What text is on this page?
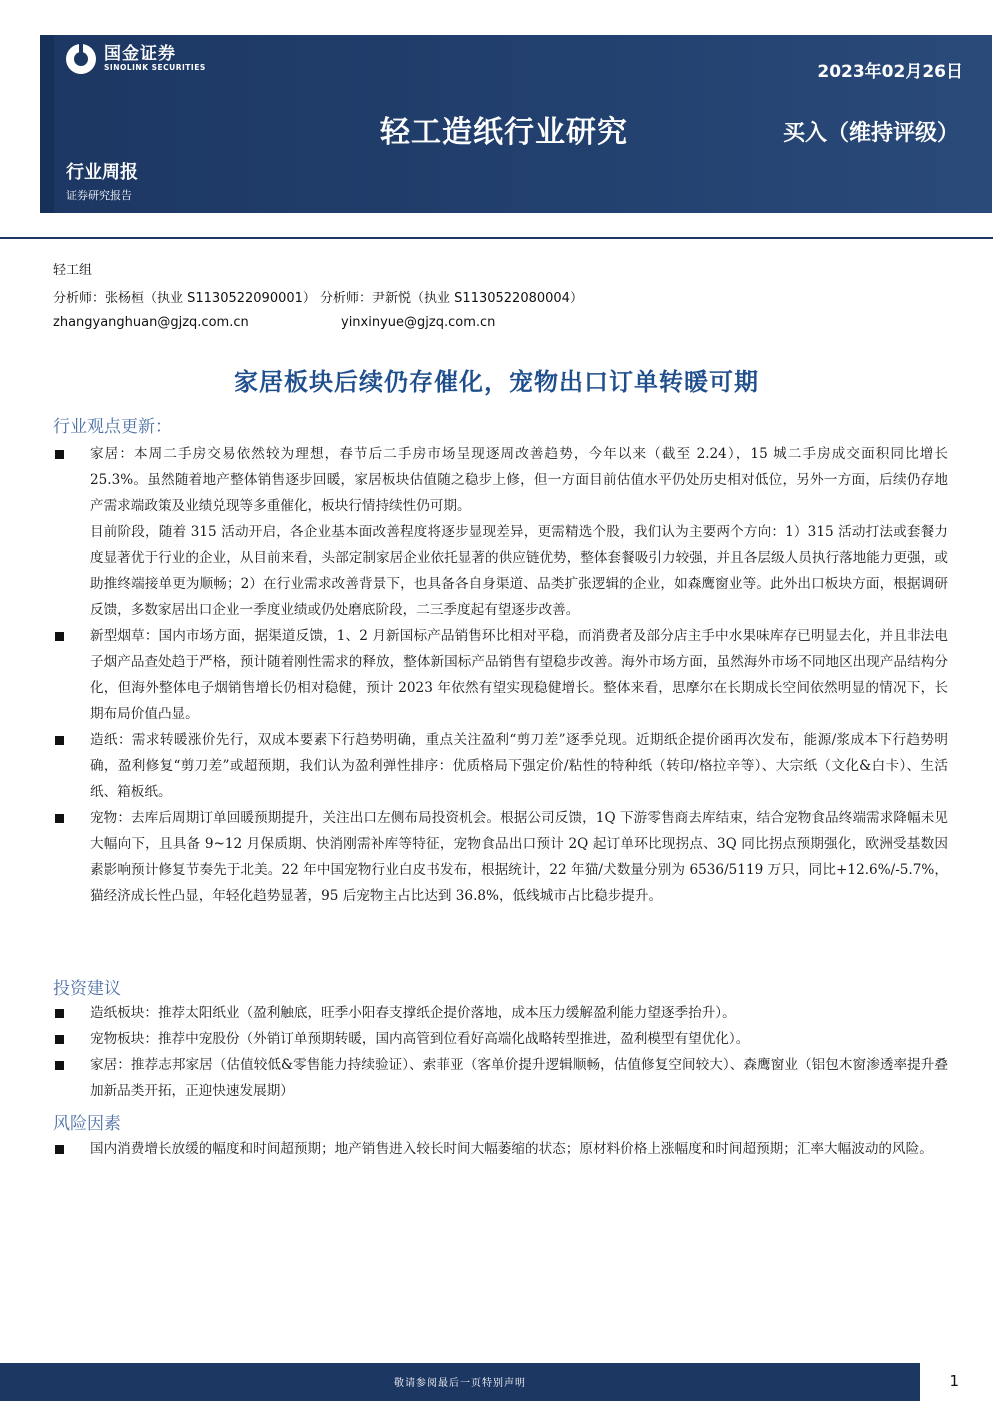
国金证券
SINOLINK SECURITIES	2023年02月26日
轻工造纸行业研究	买入（维持评级）
行业周报
证券研究报告
轻工组
分析师：张杨桓（执业 S1130522090001） 分析师：尹新悦（执业 S1130522080004）
zhangyanghuan@gjzq.com.cn	yinxinyue@gjzq.com.cn
家居板块后续仍存催化，宠物出口订单转暖可期
行业观点更新：

家居：本周二手房交易依然较为理想，春节后二手房市场呈现逐周改善趋势，今年以来（截至 2.24），15 城二手房成交面积同比增长 25.3%。虽然随着地产整体销售逐步回暖，家居板块估值随之稳步上修，但一方面目前估值水平仍处历史相对低位，另外一方面，后续仍存地产需求端政策及业绩兑现等多重催化，板块行情持续性仍可期。

目前阶段，随着 315 活动开启，各企业基本面改善程度将逐步显现差异，更需精选个股，我们认为主要两个方向：1）315 活动打法或套餐力度显著优于行业的企业，从目前来看，头部定制家居企业依托显著的供应链优势，整体套餐吸引力较强，并且各层级人员执行落地能力更强，或助推终端接单更为顺畅；2）在行业需求改善背景下，也具备各自身渠道、品类扩张逻辑的企业，如森鹰窗业等。此外出口板块方面，根据调研反馈，多数家居出口企业一季度业绩或仍处磨底阶段，二三季度起有望逐步改善。

新型烟草：国内市场方面，据渠道反馈，1、2 月新国标产品销售环比相对平稳，而消费者及部分店主手中水果味库存已明显去化，并且非法电子烟产品查处趋于严格，预计随着刚性需求的释放，整体新国标产品销售有望稳步改善。海外市场方面，虽然海外市场不同地区出现产品结构分化，但海外整体电子烟销售增长仍相对稳健，预计 2023 年依然有望实现稳健增长。整体来看，思摩尔在长期成长空间依然明显的情况下，长期布局价值凸显。

造纸：需求转暖涨价先行，双成本要素下行趋势明确，重点关注盈利“剪刀差”逐季兑现。近期纸企提价函再次发布，能源/浆成本下行趋势明确，盈利修复“剪刀差”或超预期，我们认为盈利弹性排序：优质格局下强定价/粘性的特种纸（转印/格拉辛等）、大宗纸（文化&白卡）、生活纸、箱板纸。

宠物：去库后周期订单回暖预期提升，关注出口左侧布局投资机会。根据公司反馈，1Q 下游零售商去库结束，结合宠物食品终端需求降幅未见大幅向下，且具备 9~12 月保质期、快消刚需补库等特征，宠物食品出口预计 2Q 起订单环比现拐点、3Q 同比拐点预期强化，欧洲受基数因素影响预计修复节奏先于北美。22 年中国宠物行业白皮书发布，根据统计，22 年猫/犬数量分别为 6536/5119 万只，同比+12.6%/-5.7%，猫经济成长性凸显，年轻化趋势显著，95 后宠物主占比达到 36.8%，低线城市占比稳步提升。

投资建议

造纸板块：推荐太阳纸业（盈利触底，旺季小阳春支撑纸企提价落地，成本压力缓解盈利能力望逐季抬升）。

宠物板块：推荐中宠股份（外销订单预期转暖，国内高管到位看好高端化战略转型推进，盈利模型有望优化）。

家居：推荐志邦家居（估值较低&零售能力持续验证）、索菲亚（客单价提升逻辑顺畅，估值修复空间较大）、森鹰窗业（铝包木窗渗透率提升叠加新品类开拓，正迎快速发展期）

风险因素

国内消费增长放缓的幅度和时间超预期；地产销售进入较长时间大幅萎缩的状态；原材料价格上涨幅度和时间超预期；汇率大幅波动的风险。

敬请参阅最后一页特别声明	1
